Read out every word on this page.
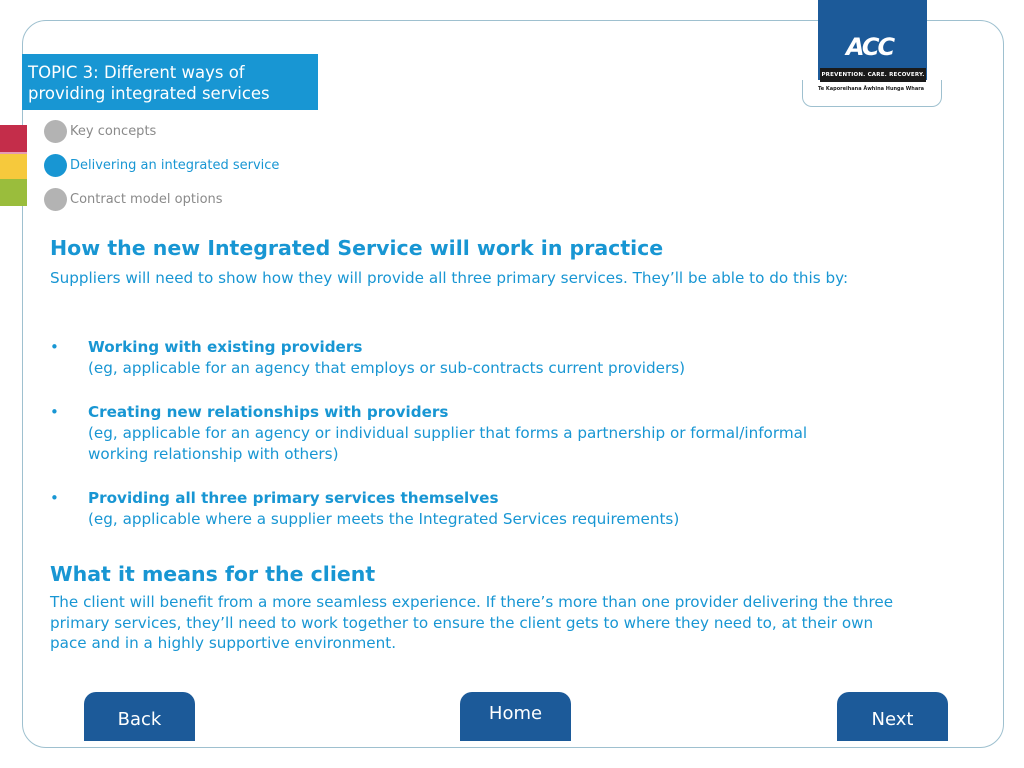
ACC
PREVENTION. CARE. RECOVERY.
Te Kaporeihana Āwhina Hunga Whara
TOPIC 3: Different ways of providing integrated services
Key concepts
Delivering an integrated service
Contract model options
How the new Integrated Service will work in practice
Suppliers will need to show how they will provide all three primary services. They’ll be able to do this by:
• Working with existing providers
(eg, applicable for an agency that employs or sub-contracts current providers)
• Creating new relationships with providers
(eg, applicable for an agency or individual supplier that forms a partnership or formal/informal working relationship with others)
• Providing all three primary services themselves
(eg, applicable where a supplier meets the Integrated Services requirements)
What it means for the client
The client will benefit from a more seamless experience. If there’s more than one provider delivering the three primary services, they’ll need to work together to ensure the client gets to where they need to, at their own pace and in a highly supportive environment.
Back	Home	Next
